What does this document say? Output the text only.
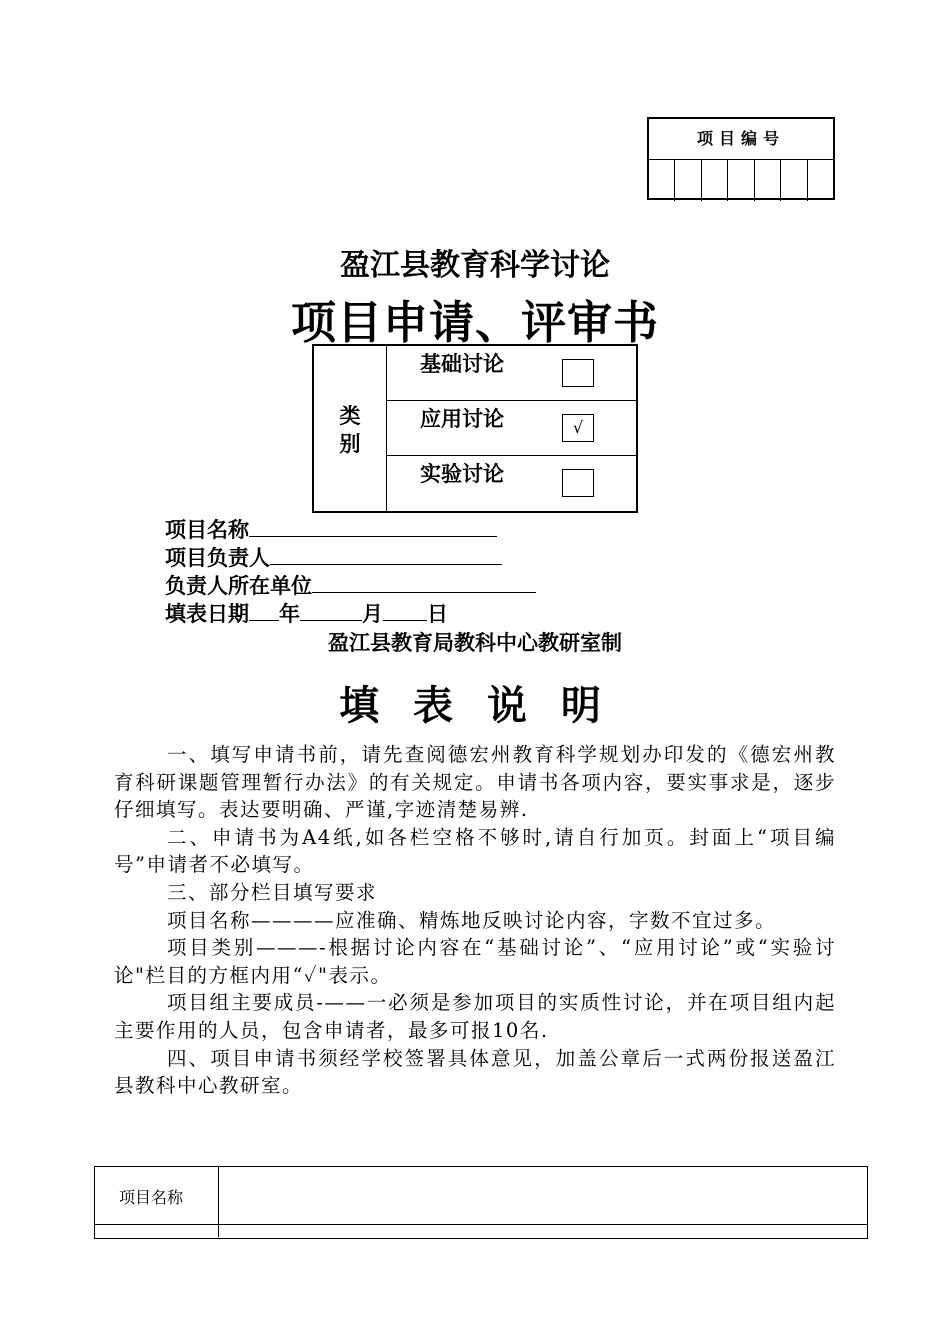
项目编号
盈江县教育科学讨论
项目申请、评审书
类
别
基础讨论
应用讨论	√
实验讨论
项目名称
项目负责人
负责人所在单位
填表日期 年	月 日
盈江县教育局教科中心教研室制
填 表 说 明

一、填写申请书前，请先查阅德宏州教育科学规划办印发的《德宏州教育科研课题管理暂行办法》的有关规定。申请书各项内容，要实事求是，逐步仔细填写。表达要明确、严谨,字迹清楚易辨.

二、申请书为A4纸,如各栏空格不够时,请自行加页。封面上“项目编号”申请者不必填写。

三、部分栏目填写要求

项目名称————应准确、精炼地反映讨论内容，字数不宜过多。

项目类别———-根据讨论内容在“基础讨论”、“应用讨论”或“实验讨论"栏目的方框内用“✓"表示。

项目组主要成员-——一必须是参加项目的实质性讨论，并在项目组内起主要作用的人员，包含申请者，最多可报10名.

四、项目申请书须经学校签署具体意见，加盖公章后一式两份报送盈江县教科中心教研室。

项目名称
